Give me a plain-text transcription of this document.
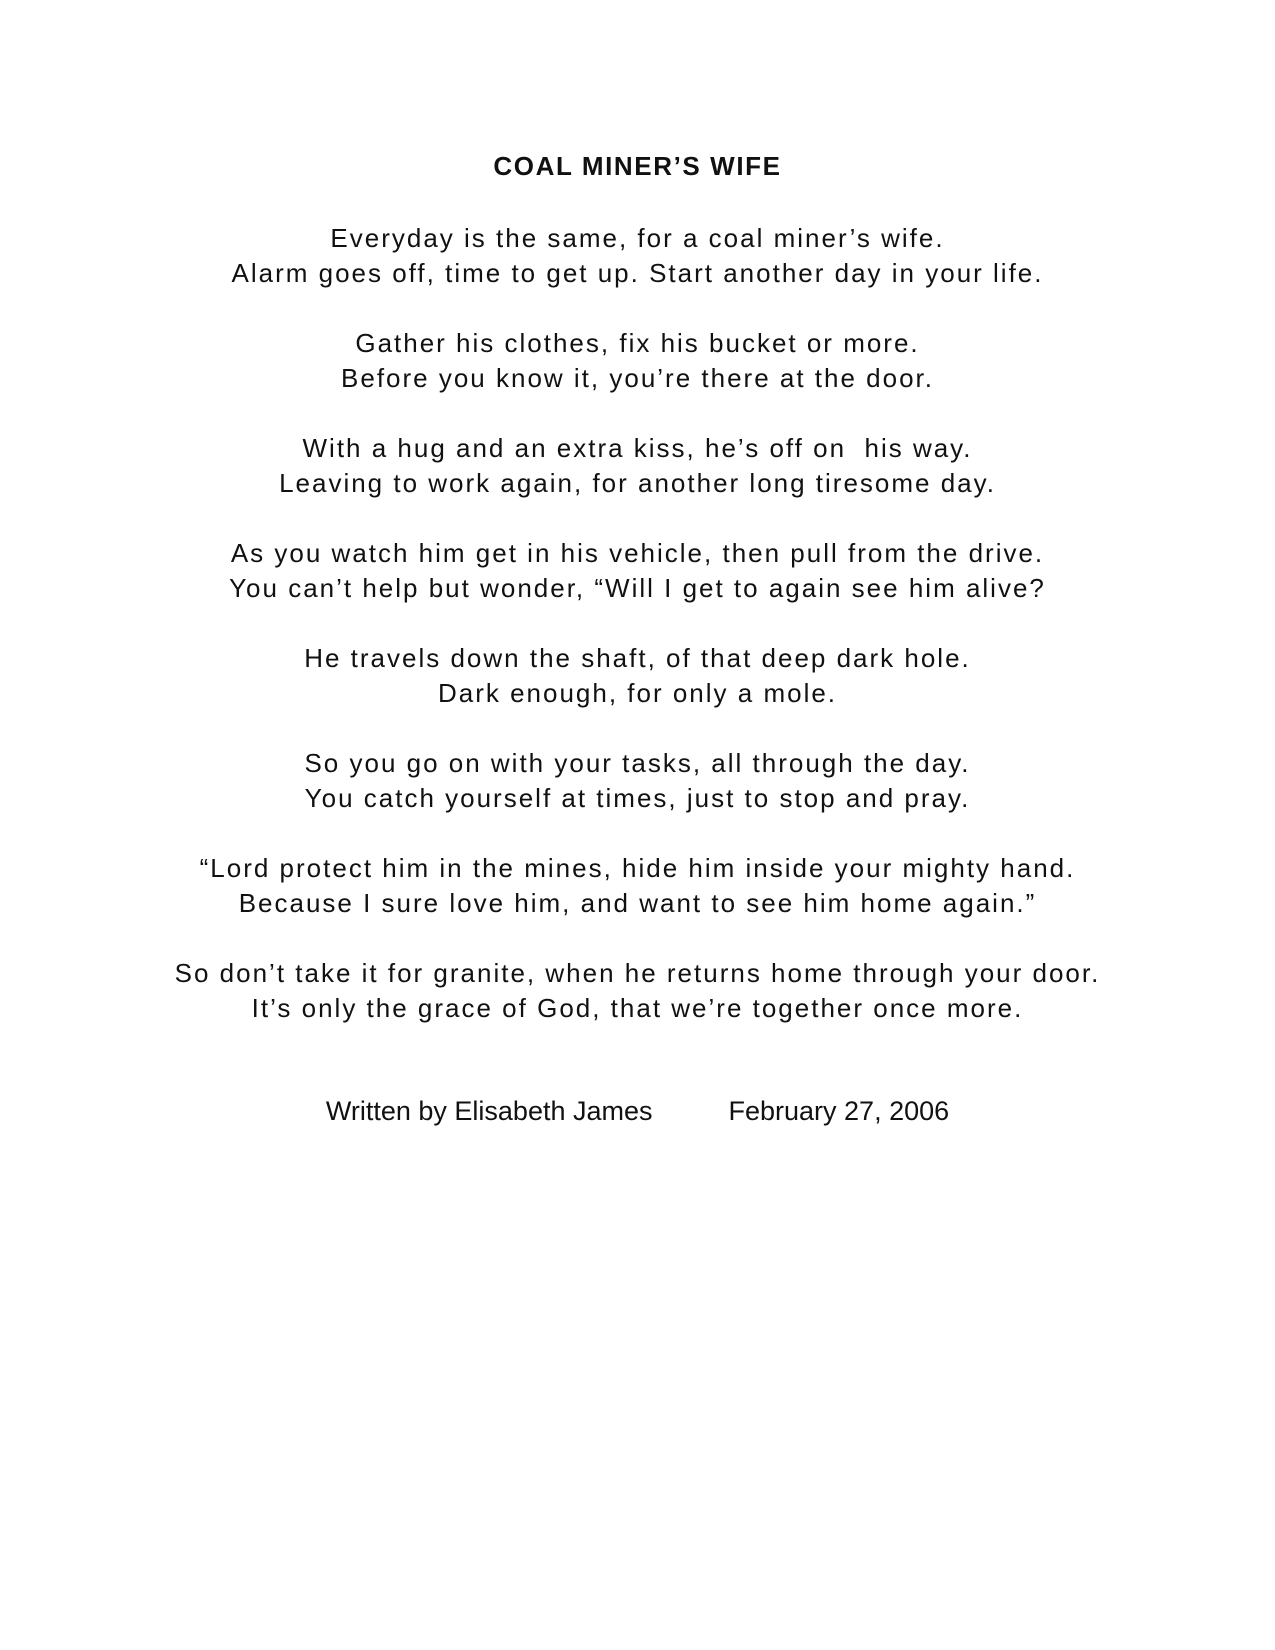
COAL MINER’S WIFE
Everyday is the same, for a coal miner’s wife.
Alarm goes off, time to get up. Start another day in your life.
Gather his clothes, fix his bucket or more.
Before you know it, you’re there at the door.
With a hug and an extra kiss, he’s off on  his way.
Leaving to work again, for another long tiresome day.
As you watch him get in his vehicle, then pull from the drive.
You can’t help but wonder, “Will I get to again see him alive?
He travels down the shaft, of that deep dark hole.
Dark enough, for only a mole.
So you go on with your tasks, all through the day.
You catch yourself at times, just to stop and pray.
“Lord protect him in the mines, hide him inside your mighty hand.
Because I sure love him, and want to see him home again.”
So don’t take it for granite, when he returns home through your door.
It’s only the grace of God, that we’re together once more.
Written by Elisabeth James	February 27, 2006
